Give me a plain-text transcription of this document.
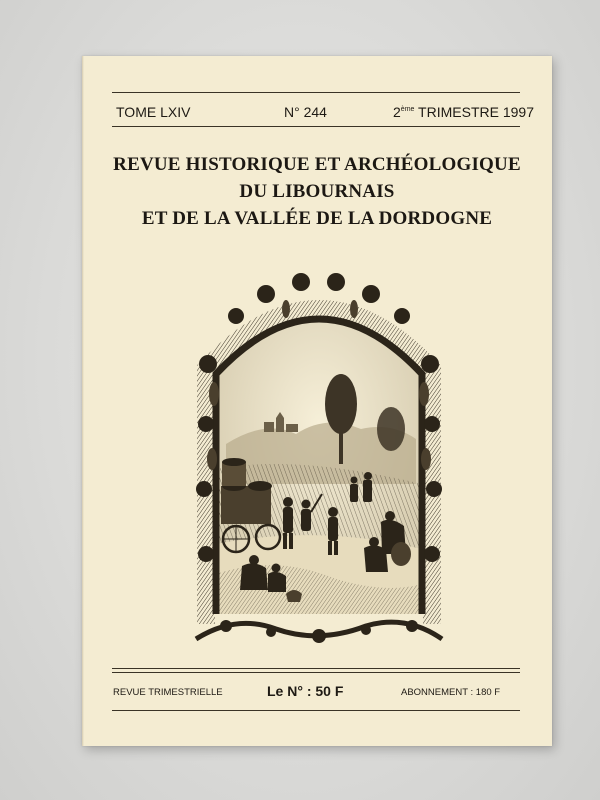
TOME LXIV	N° 244	2ème TRIMESTRE 1997
REVUE HISTORIQUE ET ARCHÉOLOGIQUE
DU LIBOURNAIS
ET DE LA VALLÉE DE LA DORDOGNE
REVUE TRIMESTRIELLE	Le N° : 50 F	ABONNEMENT : 180 F
